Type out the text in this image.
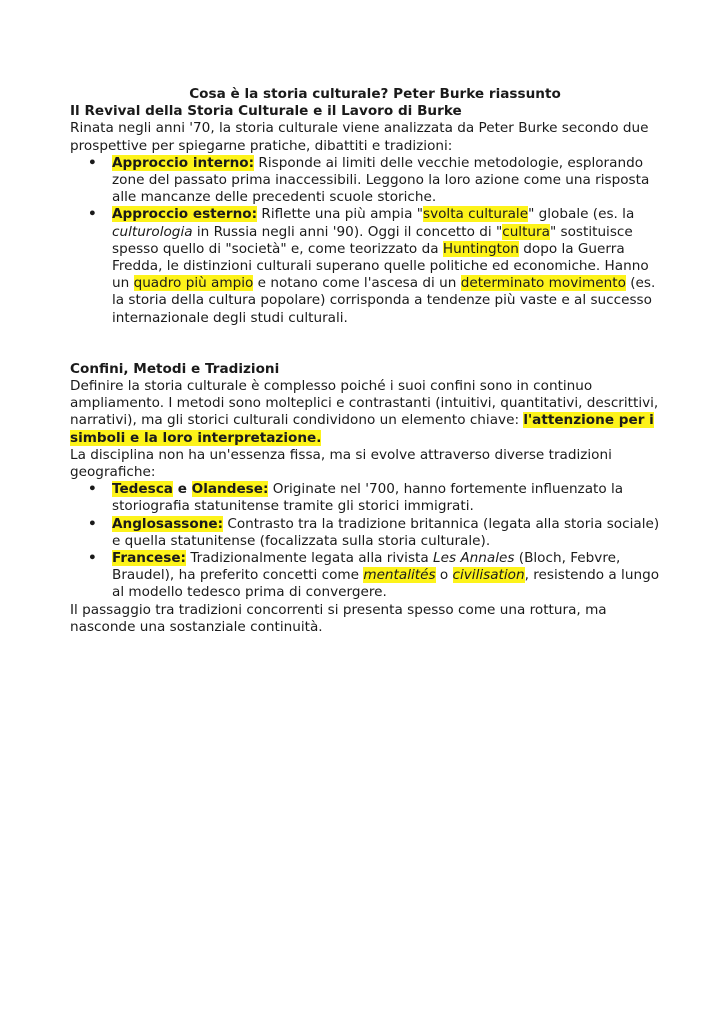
Cosa è la storia culturale? Peter Burke riassunto
Il Revival della Storia Culturale e il Lavoro di Burke

Rinata negli anni '70, la storia culturale viene analizzata da Peter Burke secondo due prospettive per spiegarne pratiche, dibattiti e tradizioni:

• Approccio interno: Risponde ai limiti delle vecchie metodologie, esplorando zone del passato prima inaccessibili. Leggono la loro azione come una risposta alle mancanze delle precedenti scuole storiche.
• Approccio esterno: Riflette una più ampia "svolta culturale" globale (es. la culturologia in Russia negli anni '90). Oggi il concetto di "cultura" sostituisce spesso quello di "società" e, come teorizzato da Huntington dopo la Guerra Fredda, le distinzioni culturali superano quelle politiche ed economiche. Hanno un quadro più ampio e notano come l'ascesa di un determinato movimento (es. la storia della cultura popolare) corrisponda a tendenze più vaste e al successo internazionale degli studi culturali.
Confini, Metodi e Tradizioni

Definire la storia culturale è complesso poiché i suoi confini sono in continuo ampliamento. I metodi sono molteplici e contrastanti (intuitivi, quantitativi, descrittivi, narrativi), ma gli storici culturali condividono un elemento chiave: l'attenzione per i simboli e la loro interpretazione.

La disciplina non ha un'essenza fissa, ma si evolve attraverso diverse tradizioni geografiche:

• Tedesca e Olandese: Originate nel '700, hanno fortemente influenzato la storiografia statunitense tramite gli storici immigrati.
• Anglosassone: Contrasto tra la tradizione britannica (legata alla storia sociale) e quella statunitense (focalizzata sulla storia culturale).
• Francese: Tradizionalmente legata alla rivista Les Annales (Bloch, Febvre, Braudel), ha preferito concetti come mentalités o civilisation, resistendo a lungo al modello tedesco prima di convergere.

Il passaggio tra tradizioni concorrenti si presenta spesso come una rottura, ma nasconde una sostanziale continuità.
